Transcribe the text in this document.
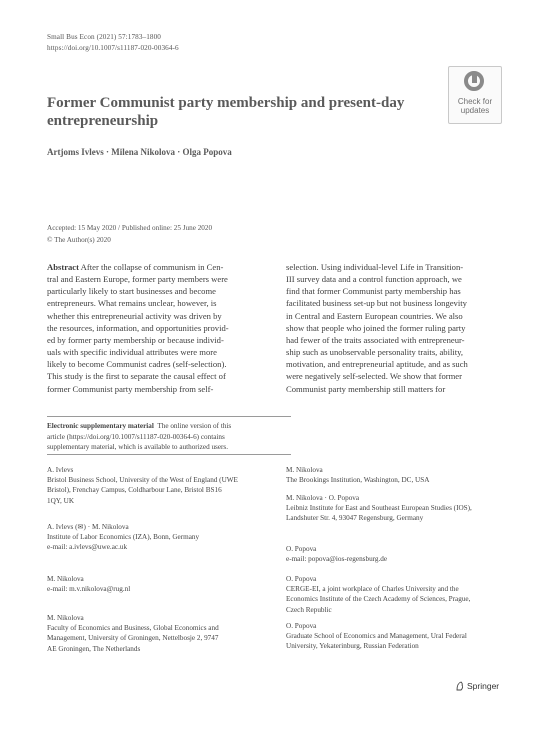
Small Bus Econ (2021) 57:1783–1800
https://doi.org/10.1007/s11187-020-00364-6
Check for
updates
Former Communist party membership and present-day
entrepreneurship
Artjoms Ivlevs · Milena Nikolova · Olga Popova
Accepted: 15 May 2020 / Published online: 25 June 2020
© The Author(s) 2020
Abstract After the collapse of communism in Cen-
tral and Eastern Europe, former party members were
particularly likely to start businesses and become
entrepreneurs. What remains unclear, however, is
whether this entrepreneurial activity was driven by
the resources, information, and opportunities provid-
ed by former party membership or because individ-
uals with specific individual attributes were more
likely to become Communist cadres (self-selection).
This study is the first to separate the causal effect of
former Communist party membership from self-
selection. Using individual-level Life in Transition-
III survey data and a control function approach, we
find that former Communist party membership has
facilitated business set-up but not business longevity
in Central and Eastern European countries. We also
show that people who joined the former ruling party
had fewer of the traits associated with entrepreneur-
ship such as unobservable personality traits, ability,
motivation, and entrepreneurial aptitude, and as such
were negatively self-selected. We show that former
Communist party membership still matters for
Electronic supplementary material The online version of this
article (https://doi.org/10.1007/s11187-020-00364-6) contains
supplementary material, which is available to authorized users.
A. Ivlevs
Bristol Business School, University of the West of England (UWE
Bristol), Frenchay Campus, Coldharbour Lane, Bristol BS16
1QY, UK
A. Ivlevs (✉) · M. Nikolova
Institute of Labor Economics (IZA), Bonn, Germany
e-mail: a.ivlevs@uwe.ac.uk
M. Nikolova
e-mail: m.v.nikolova@rug.nl
M. Nikolova
Faculty of Economics and Business, Global Economics and
Management, University of Groningen, Nettelbosje 2, 9747
AE Groningen, The Netherlands
M. Nikolova
The Brookings Institution, Washington, DC, USA
M. Nikolova · O. Popova
Leibniz Institute for East and Southeast European Studies (IOS),
Landshuter Str. 4, 93047 Regensburg, Germany
O. Popova
e-mail: popova@ios-regensburg.de
O. Popova
CERGE-EI, a joint workplace of Charles University and the
Economics Institute of the Czech Academy of Sciences, Prague,
Czech Republic
O. Popova
Graduate School of Economics and Management, Ural Federal
University, Yekaterinburg, Russian Federation
Springer
